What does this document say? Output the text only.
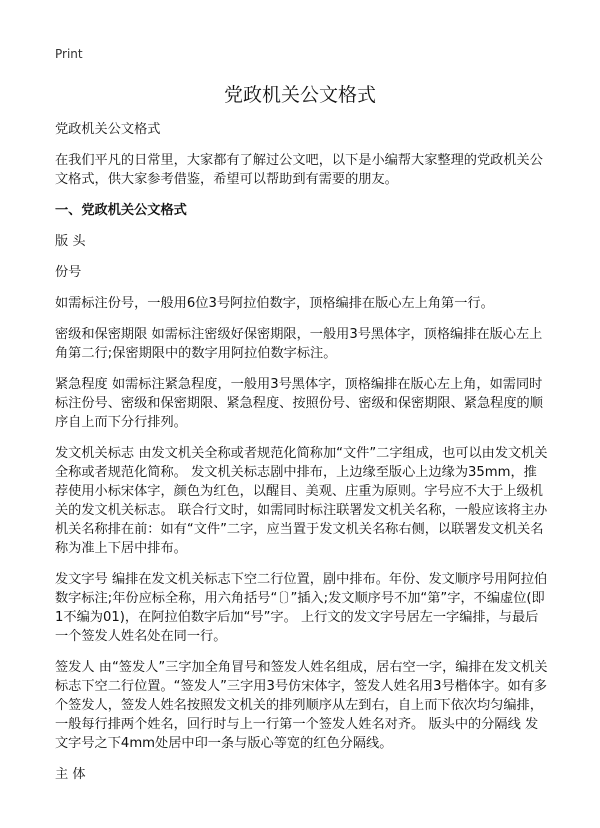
Print
党政机关公文格式

党政机关公文格式

在我们平凡的日常里，大家都有了解过公文吧，以下是小编帮大家整理的党政机关公文格式，供大家参考借鉴，希望可以帮助到有需要的朋友。

一、党政机关公文格式

版 头

份号

如需标注份号，一般用6位3号阿拉伯数字，顶格编排在版心左上角第一行。

密级和保密期限 如需标注密级好保密期限，一般用3号黑体字，顶格编排在版心左上角第二行;保密期限中的数字用阿拉伯数字标注。

紧急程度 如需标注紧急程度，一般用3号黑体字，顶格编排在版心左上角，如需同时标注份号、密级和保密期限、紧急程度、按照份号、密级和保密期限、紧急程度的顺序自上而下分行排列。

发文机关标志 由发文机关全称或者规范化简称加“文件”二字组成，也可以由发文机关全称或者规范化简称。 发文机关标志剧中排布，上边缘至版心上边缘为35mm，推荐使用小标宋体字，颜色为红色，以醒目、美观、庄重为原则。字号应不大于上级机关的发文机关标志。 联合行文时，如需同时标注联署发文机关名称，一般应该将主办机关名称排在前：如有“文件”二字，应当置于发文机关名称右侧，以联署发文机关名称为准上下居中排布。

发文字号 编排在发文机关标志下空二行位置，剧中排布。年份、发文顺序号用阿拉伯数字标注;年份应标全称，用六角括号“〔〕”插入;发文顺序号不加“第”字，不编虚位(即1不编为01)，在阿拉伯数字后加“号”字。 上行文的发文字号居左一字编排，与最后一个签发人姓名处在同一行。

签发人 由“签发人”三字加全角冒号和签发人姓名组成，居右空一字，编排在发文机关标志下空二行位置。“签发人”三字用3号仿宋体字，签发人姓名用3号楷体字。如有多个签发人，签发人姓名按照发文机关的排列顺序从左到右，自上而下依次均匀编排，一般每行排两个姓名，回行时与上一行第一个签发人姓名对齐。 版头中的分隔线 发文字号之下4mm处居中印一条与版心等宽的红色分隔线。

主 体
